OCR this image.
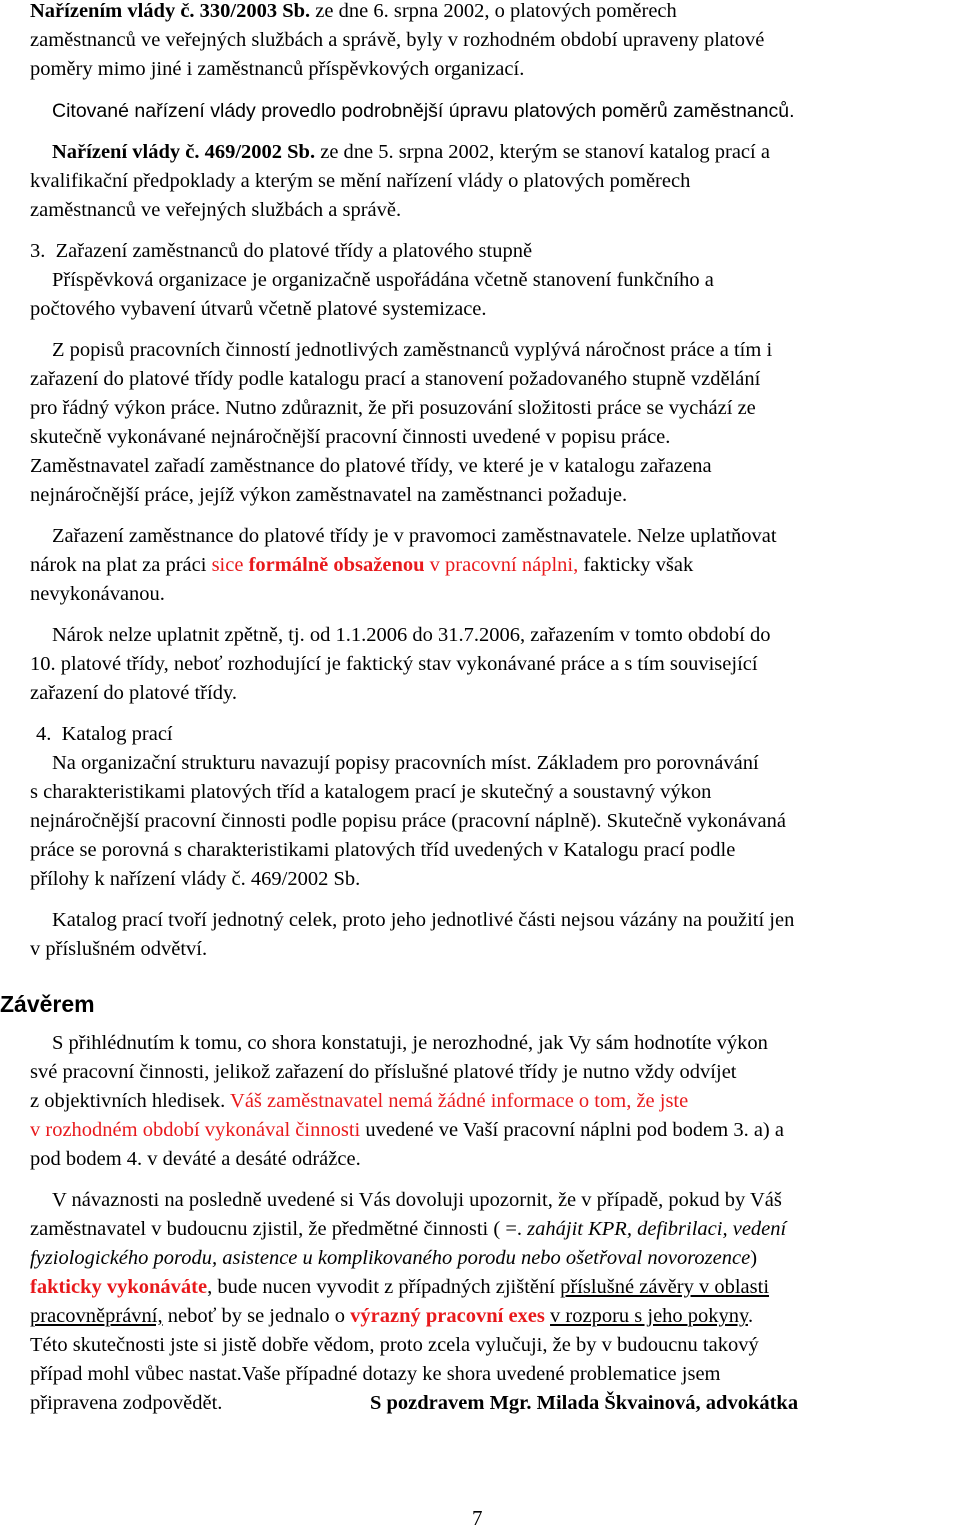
Nařízením vlády č. 330/2003 Sb. ze dne 6. srpna 2002, o platových poměrech
zaměstnanců ve veřejných službách a správě, byly v rozhodném období upraveny platové
poměry mimo jiné i zaměstnanců příspěvkových organizací.
Citované nařízení vlády provedlo podrobnější úpravu platových poměrů zaměstnanců.
Nařízení vlády č. 469/2002 Sb. ze dne 5. srpna 2002, kterým se stanoví katalog prací a
kvalifikační předpoklady a kterým se mění nařízení vlády o platových poměrech
zaměstnanců ve veřejných službách a správě.
3.  Zařazení zaměstnanců do platové třídy a platového stupně
Příspěvková organizace je organizačně uspořádána včetně stanovení funkčního a
počtového vybavení útvarů včetně platové systemizace.
Z popisů pracovních činností jednotlivých zaměstnanců vyplývá náročnost práce a tím i
zařazení do platové třídy podle katalogu prací a stanovení požadovaného stupně vzdělání
pro řádný výkon práce. Nutno zdůraznit, že při posuzování složitosti práce se vychází ze
skutečně vykonávané nejnáročnější pracovní činnosti uvedené v popisu práce.
Zaměstnavatel zařadí zaměstnance do platové třídy, ve které je v katalogu zařazena
nejnáročnější práce, jejíž výkon zaměstnavatel na zaměstnanci požaduje.
Zařazení zaměstnance do platové třídy je v pravomoci zaměstnavatele. Nelze uplatňovat
nárok na plat za práci sice formálně obsaženou v pracovní náplni, fakticky však
nevykonávanou.
Nárok nelze uplatnit zpětně, tj. od 1.1.2006 do 31.7.2006, zařazením v tomto období do
10. platové třídy, neboť rozhodující je faktický stav vykonávané práce a s tím související
zařazení do platové třídy.
4.  Katalog prací
Na organizační strukturu navazují popisy pracovních míst. Základem pro porovnávání
s charakteristikami platových tříd a katalogem prací je skutečný a soustavný výkon
nejnáročnější pracovní činnosti podle popisu práce (pracovní náplně). Skutečně vykonávaná
práce se porovná s charakteristikami platových tříd uvedených v Katalogu prací podle
přílohy k nařízení vlády č. 469/2002 Sb.
Katalog prací tvoří jednotný celek, proto jeho jednotlivé části nejsou vázány na použití jen
v příslušném odvětví.
Závěrem
S přihlédnutím k tomu, co shora konstatuji, je nerozhodné, jak Vy sám hodnotíte výkon
své pracovní činnosti, jelikož zařazení do příslušné platové třídy je nutno vždy odvíjet
z objektivních hledisek. Váš zaměstnavatel nemá žádné informace o tom, že jste
v rozhodném období vykonával činnosti uvedené ve Vaší pracovní náplni pod bodem 3. a) a
pod bodem 4. v deváté a desáté odrážce.
V návaznosti na posledně uvedené si Vás dovoluji upozornit, že v případě, pokud by Váš
zaměstnavatel v budoucnu zjistil, že předmětné činnosti ( =. zahájit KPR, defibrilaci, vedení
fyziologického porodu, asistence u komplikovaného porodu nebo ošetřoval novorozence)
fakticky vykonáváte, bude nucen vyvodit z případných zjištění příslušné závěry v oblasti
pracovněprávní, neboť by se jednalo o výrazný pracovní exes v rozporu s jeho pokyny.
Této skutečnosti jste si jistě dobře vědom, proto zcela vylučuji, že by v budoucnu takový
případ mohl vůbec nastat.Vaše případné dotazy ke shora uvedené problematice jsem
připravena zodpovědět.	S pozdravem Mgr. Milada Škvainová, advokátka
7
